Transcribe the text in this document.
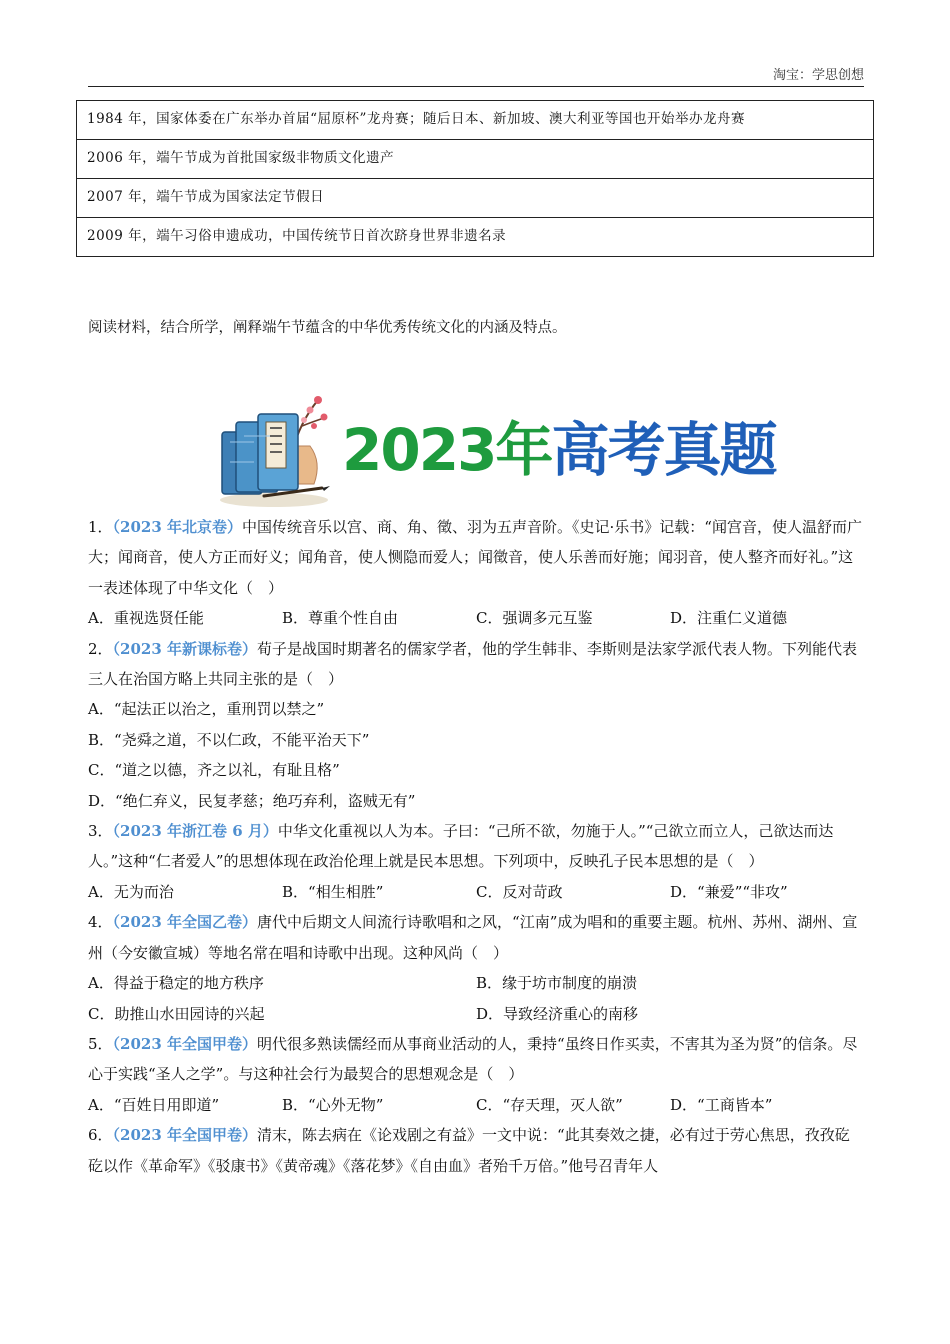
淘宝：学思创想
1984 年，国家体委在广东举办首届“屈原杯”龙舟赛；随后日本、新加坡、澳大利亚等国也开始举办龙舟赛
2006 年，端午节成为首批国家级非物质文化遗产
2007 年，端午节成为国家法定节假日
2009 年，端午习俗申遗成功，中国传统节日首次跻身世界非遗名录
阅读材料，结合所学，阐释端午节蕴含的中华优秀传统文化的内涵及特点。
2023年高考真题

1．（2023 年北京卷）中国传统音乐以宫、商、角、徵、羽为五声音阶。《史记·乐书》记载：“闻宫音，使人温舒而广大；闻商音，使人方正而好义；闻角音，使人恻隐而爱人；闻徵音，使人乐善而好施；闻羽音，使人整齐而好礼。”这一表述体现了中华文化（　）

A．重视选贤任能	B．尊重个性自由	C．强调多元互鉴	D．注重仁义道德

2．（2023 年新课标卷）荀子是战国时期著名的儒家学者，他的学生韩非、李斯则是法家学派代表人物。下列能代表三人在治国方略上共同主张的是（　）

A．“起法正以治之，重刑罚以禁之”

B．“尧舜之道，不以仁政，不能平治天下”

C．“道之以德，齐之以礼，有耻且格”

D．“绝仁弃义，民复孝慈；绝巧弃利，盗贼无有”

3．（2023 年浙江卷 6 月）中华文化重视以人为本。子曰：“己所不欲，勿施于人。”“己欲立而立人，己欲达而达人。”这种“仁者爱人”的思想体现在政治伦理上就是民本思想。下列项中，反映孔子民本思想的是（　）

A．无为而治	B．“相生相胜”	C．反对苛政	D．“兼爱”“非攻”

4．（2023 年全国乙卷）唐代中后期文人间流行诗歌唱和之风，“江南”成为唱和的重要主题。杭州、苏州、湖州、宣州（今安徽宣城）等地名常在唱和诗歌中出现。这种风尚（　）

A．得益于稳定的地方秩序	B．缘于坊市制度的崩溃
C．助推山水田园诗的兴起	D．导致经济重心的南移

5．（2023 年全国甲卷）明代很多熟读儒经而从事商业活动的人，秉持“虽终日作买卖，不害其为圣为贤”的信条。尽心于实践“圣人之学”。与这种社会行为最契合的思想观念是（　）

A．“百姓日用即道”	B．“心外无物”	C．“存天理，灭人欲”	D．“工商皆本”

6．（2023 年全国甲卷）清末，陈去病在《论戏剧之有益》一文中说：“此其奏效之捷，必有过于劳心焦思，孜孜矻矻以作《革命军》《驳康书》《黄帝魂》《落花梦》《自由血》者殆千万倍。”他号召青年人
